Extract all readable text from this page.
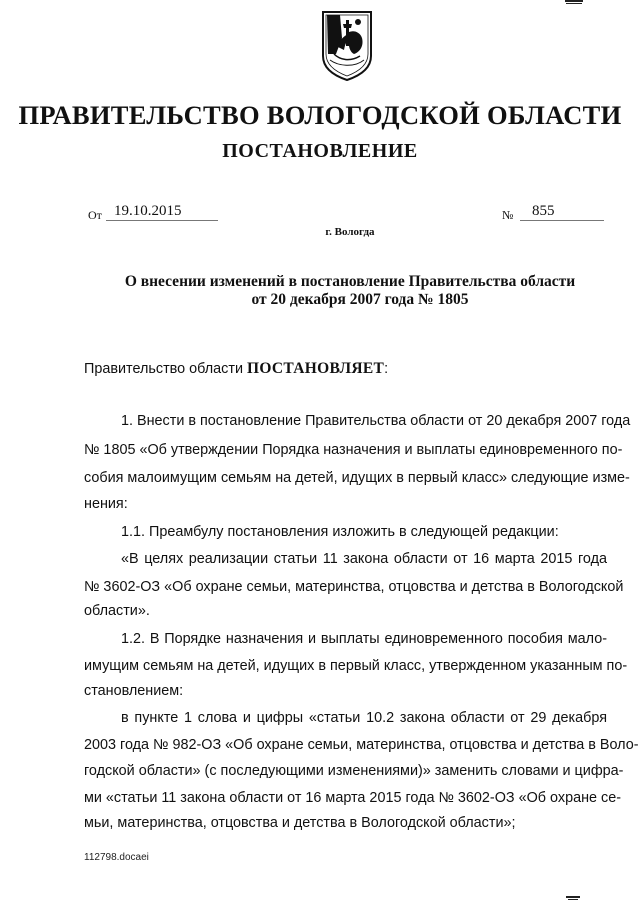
ПРАВИТЕЛЬСТВО ВОЛОГОДСКОЙ ОБЛАСТИ
ПОСТАНОВЛЕНИЕ
От 19.10.2015	№	855
г. Вологда
О внесении изменений в постановление Правительства области
от 20 декабря 2007 года № 1805
Правительство области ПОСТАНОВЛЯЕТ:
1. Внести в постановление Правительства области от 20 декабря 2007 года
№ 1805 «Об утверждении Порядка назначения и выплаты единовременного по-
собия малоимущим семьям на детей, идущих в первый класс» следующие изме-
нения:
1.1. Преамбулу постановления изложить в следующей редакции:
«В целях реализации статьи 11 закона области от 16 марта 2015 года
№ 3602-ОЗ «Об охране семьи, материнства, отцовства и детства в Вологодской
области».
1.2. В Порядке назначения и выплаты единовременного пособия мало-
имущим семьям на детей, идущих в первый класс, утвержденном указанным по-
становлением:
в пункте 1 слова и цифры «статьи 10.2 закона области от 29 декабря
2003 года № 982-ОЗ «Об охране семьи, материнства, отцовства и детства в Воло-
годской области» (с последующими изменениями)» заменить словами и цифра-
ми «статьи 11 закона области от 16 марта 2015 года № 3602-ОЗ «Об охране се-
мьи, материнства, отцовства и детства в Вологодской области»;
112798.docaei
